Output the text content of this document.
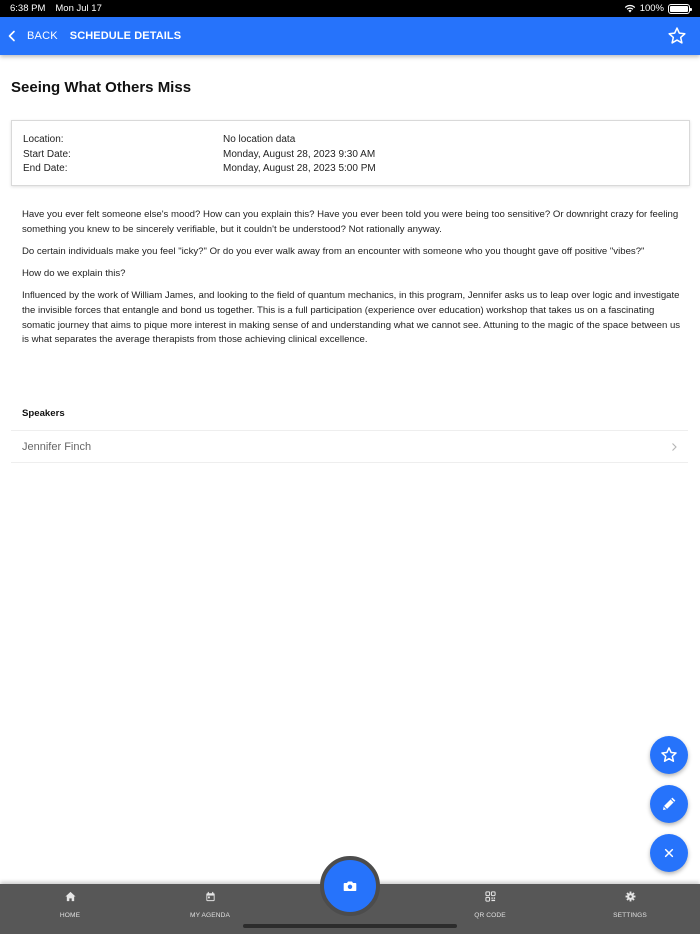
6:38 PM Mon Jul 17	100%
BACK SCHEDULE DETAILS
Seeing What Others Miss
Location:	No location data
Start Date:	Monday, August 28, 2023 9:30 AM
End Date:	Monday, August 28, 2023 5:00 PM

Have you ever felt someone else's mood? How can you explain this? Have you ever been told you were being too sensitive? Or downright crazy for feeling something you knew to be sincerely verifiable, but it couldn't be understood? Not rationally anyway.

Do certain individuals make you feel "icky?" Or do you ever walk away from an encounter with someone who you thought gave off positive "vibes?"

How do we explain this?

Influenced by the work of William James, and looking to the field of quantum mechanics, in this program, Jennifer asks us to leap over logic and investigate the invisible forces that entangle and bond us together. This is a full participation (experience over education) workshop that takes us on a fascinating somatic journey that aims to pique more interest in making sense of and understanding what we cannot see. Attuning to the magic of the space between us is what separates the average therapists from those achieving clinical excellence.

Speakers
Jennifer Finch
HOME	MY AGENDA	QR CODE	SETTINGS
